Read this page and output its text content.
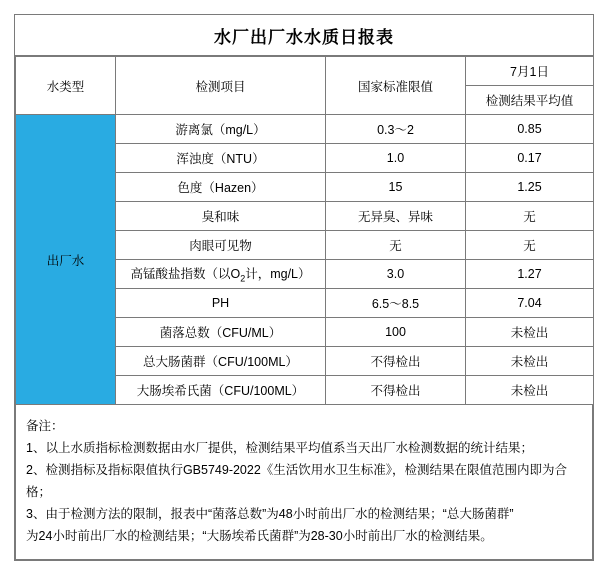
水厂出厂水水质日报表
水类型	检测项目	国家标准限值	7月1日
			检测结果平均值
出厂水	游离氯（mg/L）	0.3～2	0.85
	浑浊度（NTU）	1.0	0.17
	色度（Hazen）	15	1.25
	臭和味	无异臭、异味	无
	肉眼可见物	无	无
	高锰酸盐指数（以$O_2$计，mg/L）	3.0	1.27
	PH	6.5～8.5	7.04
	菌落总数（CFU/ML）	100	未检出
	总大肠菌群（CFU/100ML）	不得检出	未检出
	大肠埃希氏菌（CFU/100ML）	不得检出	未检出
备注：
1、以上水质指标检测数据由水厂提供，检测结果平均值系当天出厂水检测数据的统计结果；
2、检测指标及指标限值执行GB5749-2022《生活饮用水卫生标准》，检测结果在限值范围内即为合格；
3、由于检测方法的限制，报表中“菌落总数”为48小时前出厂水的检测结果；“总大肠菌群”
为24小时前出厂水的检测结果；“大肠埃希氏菌群”为28-30小时前出厂水的检测结果。
